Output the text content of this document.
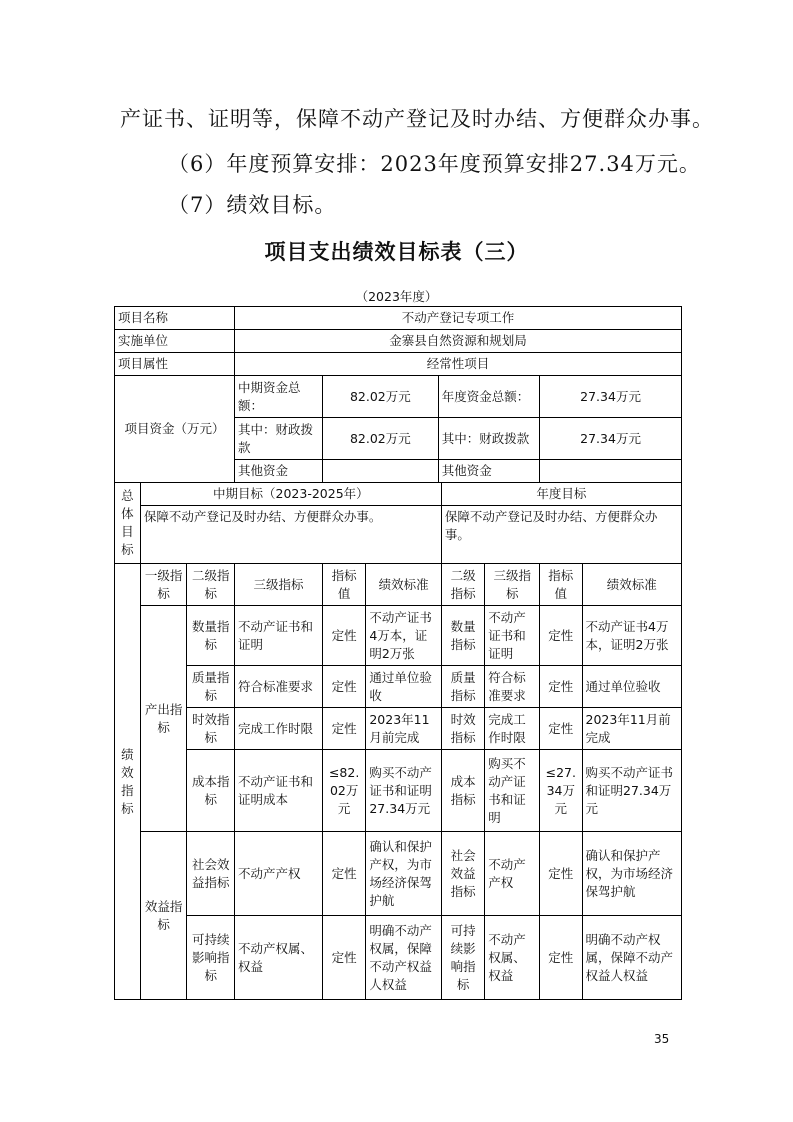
产证书、证明等，保障不动产登记及时办结、方便群众办事。
（6）年度预算安排：2023年度预算安排27.34万元。
（7）绩效目标。
项目支出绩效目标表（三）
（2023年度）
项目名称			不动产登记专项工作							
实施单位			金寨县自然资源和规划局							
项目属性			经常性项目							
项目资金（万元）			中期资金总额：	82.02万元		年度资金总额：			27.34万元	
			其中：财政拨款	82.02万元		其中：财政拨款			27.34万元	
			其他资金			其他资金				
总体目标	中期目标（2023-2025年）						年度目标			
	保障不动产登记及时办结、方便群众办事。						保障不动产登记及时办结、方便群众办事。			
绩效指标	一级指标	二级指标	三级指标	指标值	绩效标准		二级指标	三级指标	指标值	绩效标准
	产出指标	数量指标	不动产证书和证明	定性	不动产证书4万本，证明2万张		数量指标	不动产证书和证明	定性	不动产证书4万本，证明2万张
		质量指标	符合标准要求	定性	通过单位验收		质量指标	符合标准要求	定性	通过单位验收
		时效指标	完成工作时限	定性	2023年11月前完成		时效指标	完成工作时限	定性	2023年11月前完成
		成本指标	不动产证书和证明成本	≤82.02万元	购买不动产证书和证明27.34万元		成本指标	购买不动产证书和证明	≤27.34万元	购买不动产证书和证明27.34万元
	效益指标	社会效益指标	不动产产权	定性	确认和保护产权，为市场经济保驾护航		社会效益指标	不动产产权	定性	确认和保护产权，为市场经济保驾护航
		可持续影响指标	不动产权属、权益	定性	明确不动产权属，保障不动产权益人权益		可持续影响指标	不动产权属、权益	定性	明确不动产权属，保障不动产权益人权益
35
